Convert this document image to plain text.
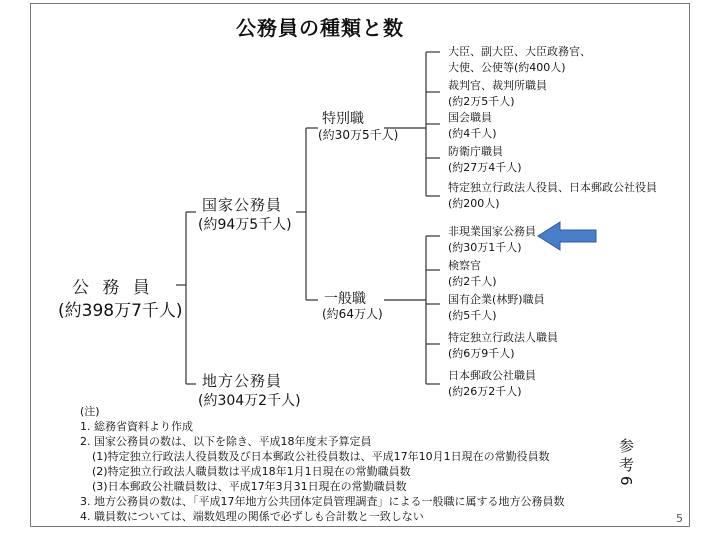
公務員の種類と数
公 務 員
(約398万7千人)
国家公務員
(約94万5千人)
地方公務員
(約304万2千人)
特別職
(約30万5千人)
一般職
(約64万人)
大臣、副大臣、大臣政務官、
大使、公使等(約400人)
裁判官、裁判所職員
(約2万5千人)
国会職員
(約4千人)
防衛庁職員
(約27万4千人)
特定独立行政法人役員、日本郵政公社役員
(約200人)
非現業国家公務員
(約30万1千人)
検察官
(約2千人)
国有企業(林野)職員
(約5千人)
特定独立行政法人職員
(約6万9千人)
日本郵政公社職員
(約26万2千人)
(注)
1. 総務省資料より作成
2. 国家公務員の数は、以下を除き、平成18年度末予算定員
(1)特定独立行政法人役員数及び日本郵政公社役員数は、平成17年10月1日現在の常勤役員数
(2)特定独立行政法人職員数は平成18年1月1日現在の常勤職員数
(3)日本郵政公社職員数は、平成17年3月31日現在の常勤職員数
3. 地方公務員の数は、「平成17年地方公共団体定員管理調査」による一般職に属する地方公務員数
4. 職員数については、端数処理の関係で必ずしも合計数と一致しない
参考6
5
